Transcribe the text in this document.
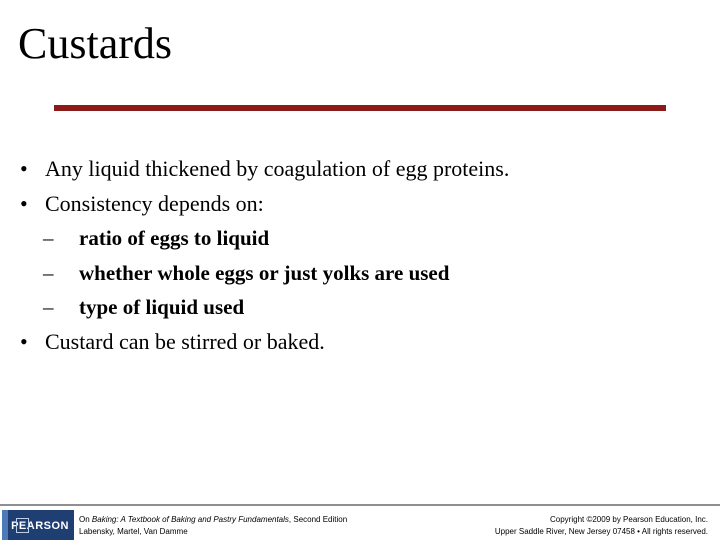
Custards
• Any liquid thickened by coagulation of egg proteins.
• Consistency depends on:
– ratio of eggs to liquid
– whether whole eggs or just yolks are used
– type of liquid used
• Custard can be stirred or baked.
PEARSON
On Baking: A Textbook of Baking and Pastry Fundamentals, Second Edition
Labensky, Martel, Van Damme
Copyright ©2009 by Pearson Education, Inc.
Upper Saddle River, New Jersey 07458 • All rights reserved.
